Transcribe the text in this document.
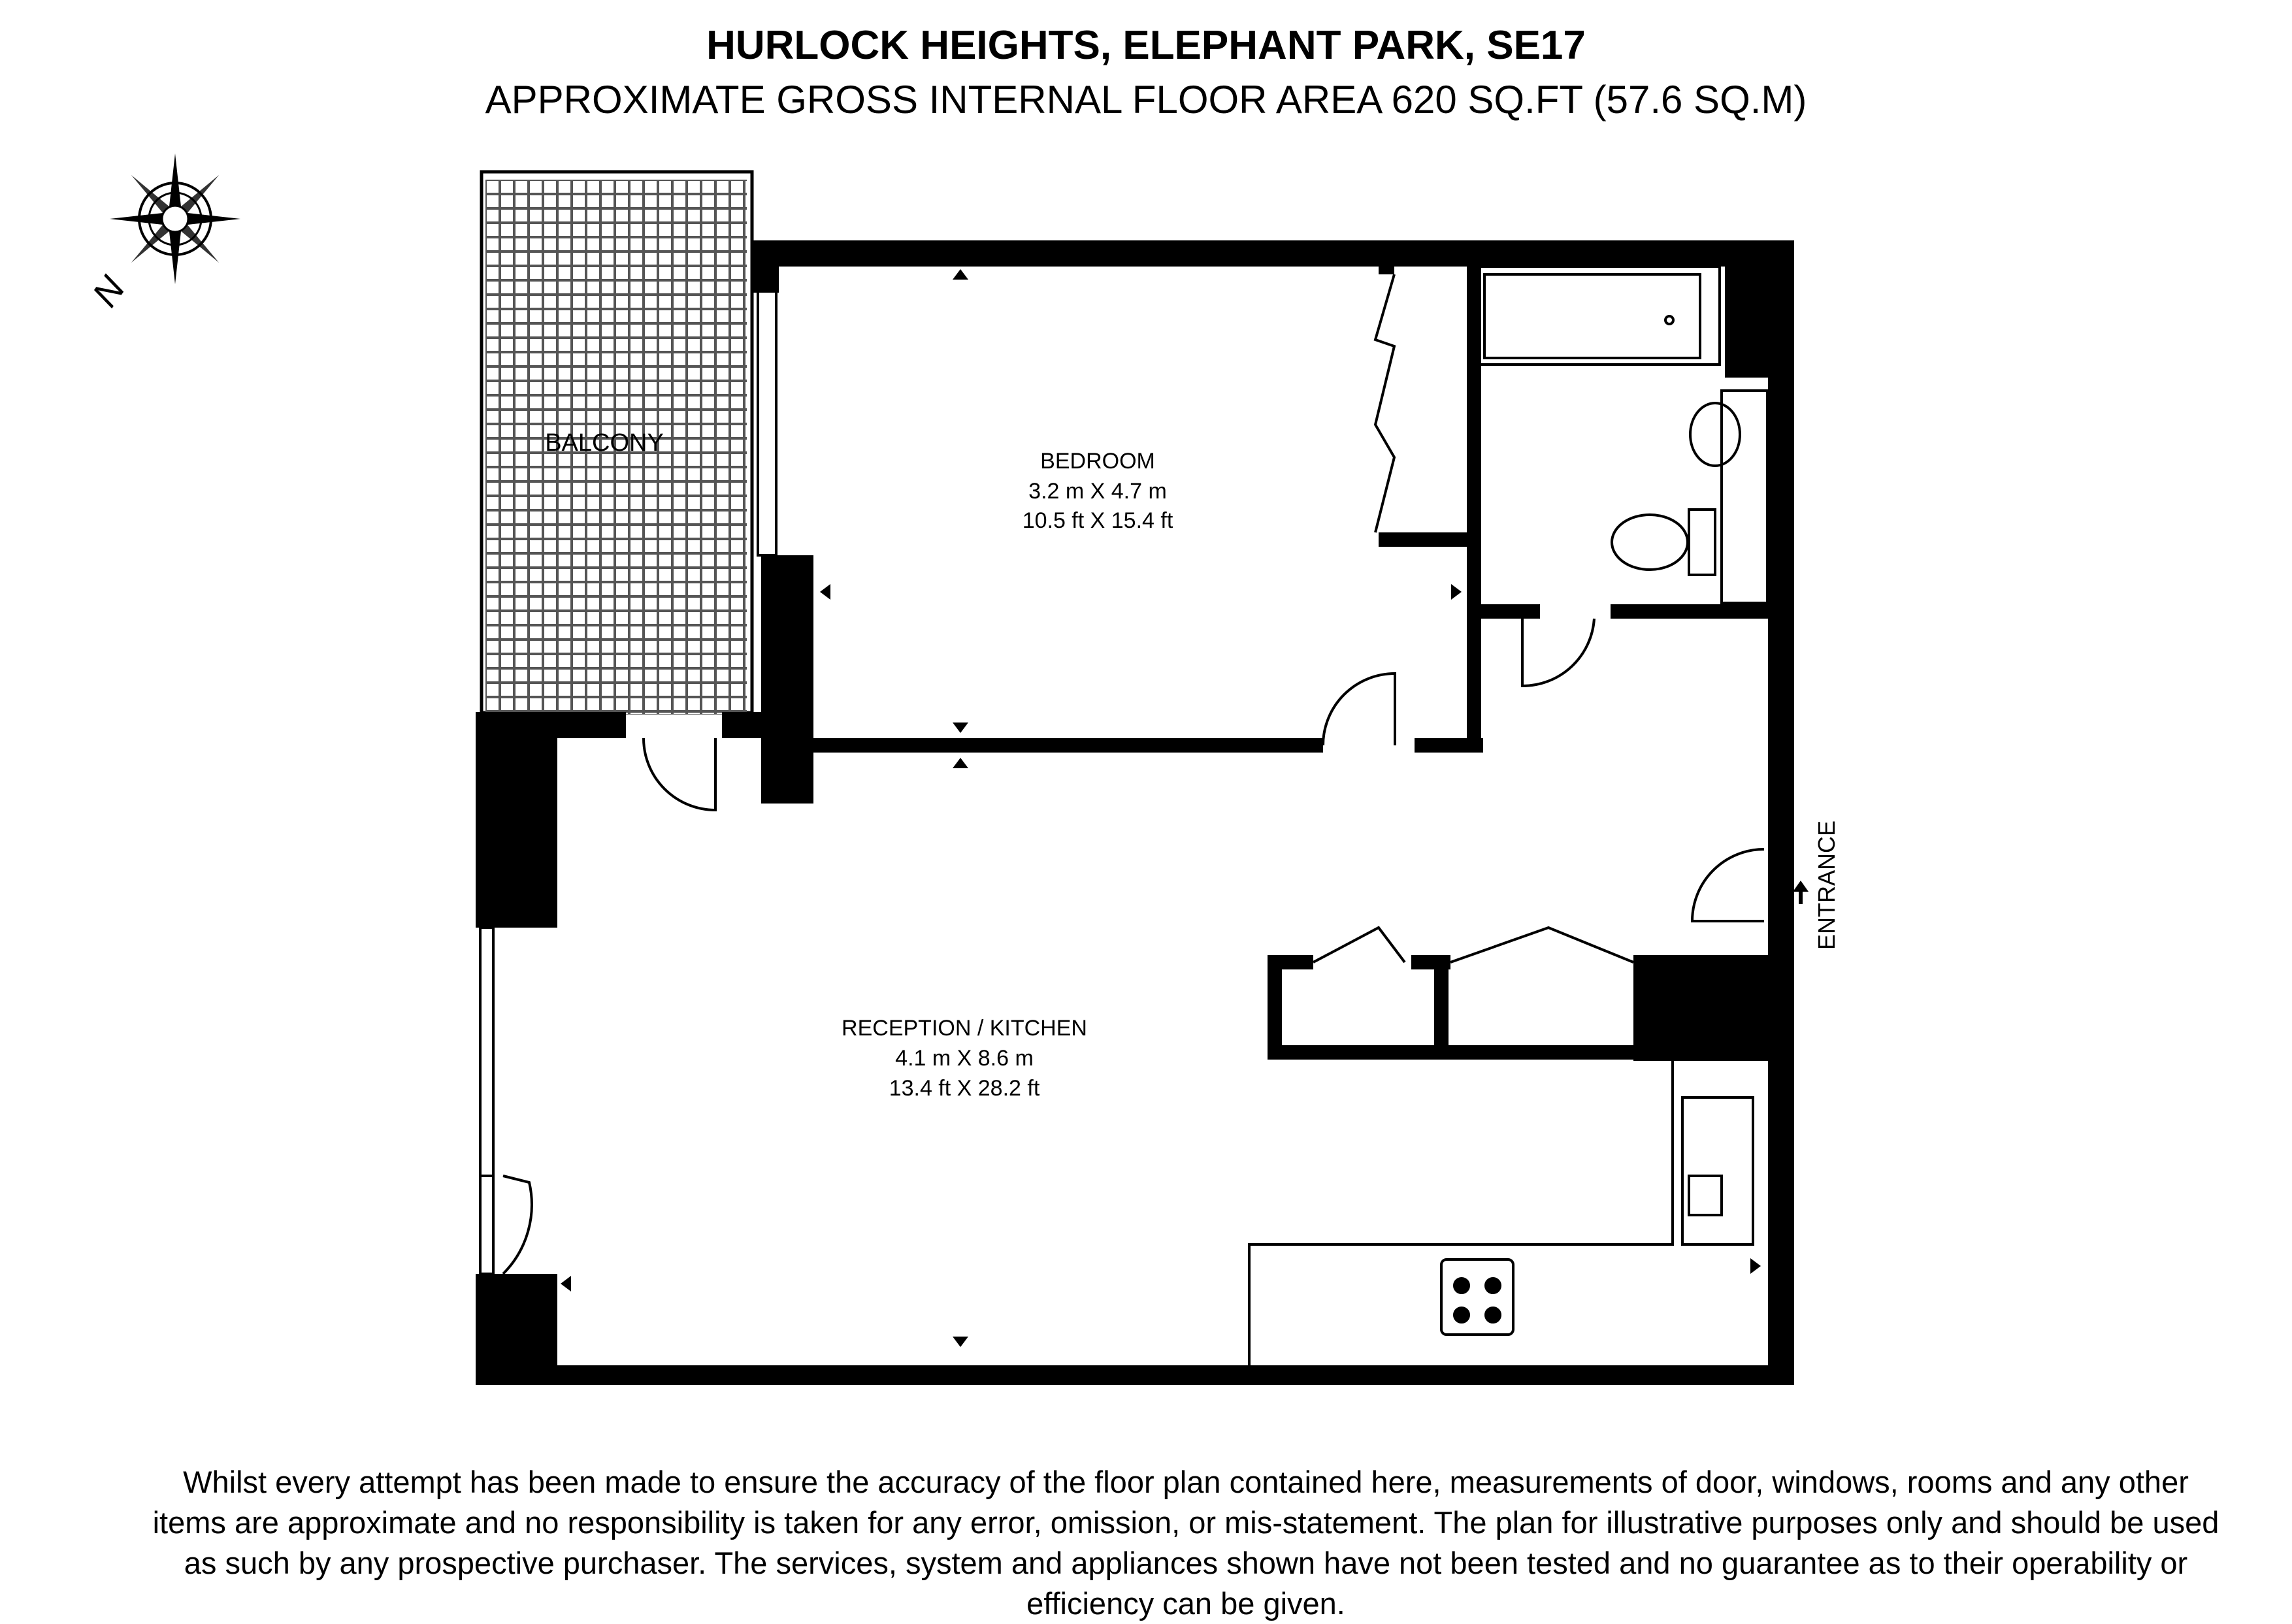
HURLOCK HEIGHTS, ELEPHANT PARK, SE17
APPROXIMATE GROSS INTERNAL FLOOR AREA 620 SQ.FT (57.6 SQ.M)
N
BALCONY
BEDROOM
3.2 m X 4.7 m
10.5 ft X 15.4 ft
RECEPTION / KITCHEN
4.1 m X 8.6 m
13.4 ft X 28.2 ft
ENTRANCE
Whilst every attempt has been made to ensure the accuracy of the floor plan contained here, measurements of door, windows, rooms and any other items are approximate and no responsibility is taken for any error, omission, or mis-statement. The plan for illustrative purposes only and should be used as such by any prospective purchaser. The services, system and appliances shown have not been tested and no guarantee as to their operability or efficiency can be given.
